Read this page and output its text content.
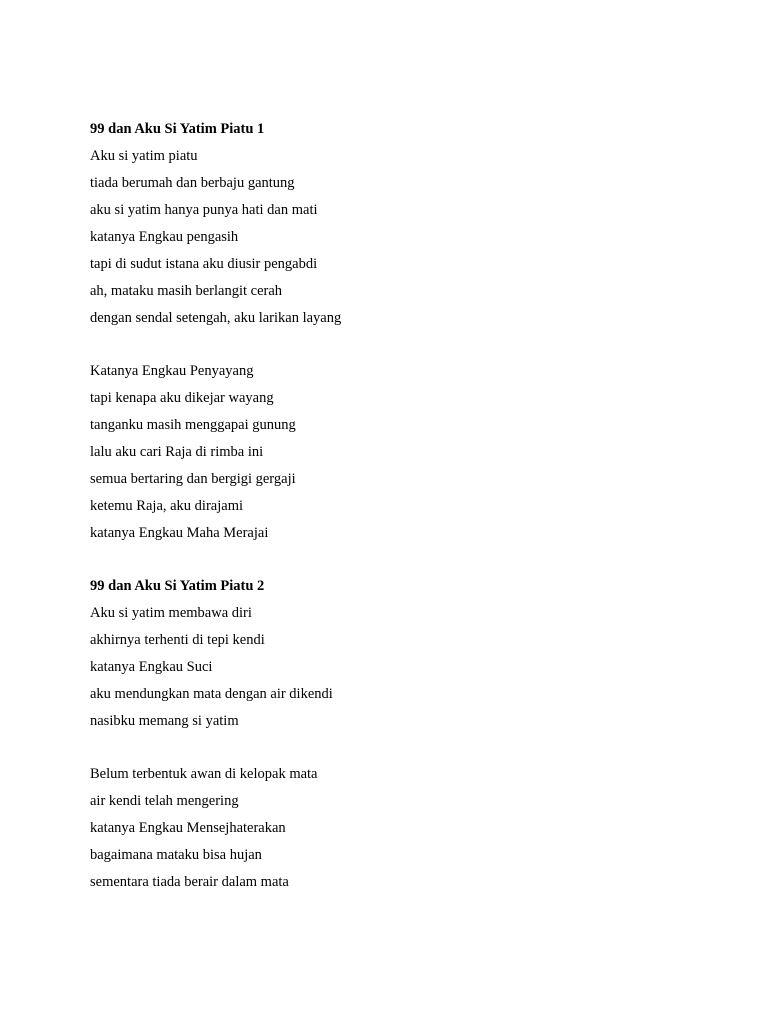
99 dan Aku Si Yatim Piatu 1
Aku si yatim piatu
tiada berumah dan berbaju gantung
aku si yatim hanya punya hati dan mati
katanya Engkau pengasih
tapi di sudut istana aku diusir pengabdi
ah, mataku masih berlangit cerah
dengan sendal setengah, aku larikan layang
Katanya Engkau Penyayang
tapi kenapa aku dikejar wayang
tanganku masih menggapai gunung
lalu aku cari Raja di rimba ini
semua bertaring dan bergigi gergaji
ketemu Raja, aku dirajami
katanya Engkau Maha Merajai
99 dan Aku Si Yatim Piatu 2
Aku si yatim membawa diri
akhirnya terhenti di tepi kendi
katanya Engkau Suci
aku mendungkan mata dengan air dikendi
nasibku memang si yatim
Belum terbentuk awan di kelopak mata
air kendi telah mengering
katanya Engkau Mensejhaterakan
bagaimana mataku bisa hujan
sementara tiada berair dalam mata
